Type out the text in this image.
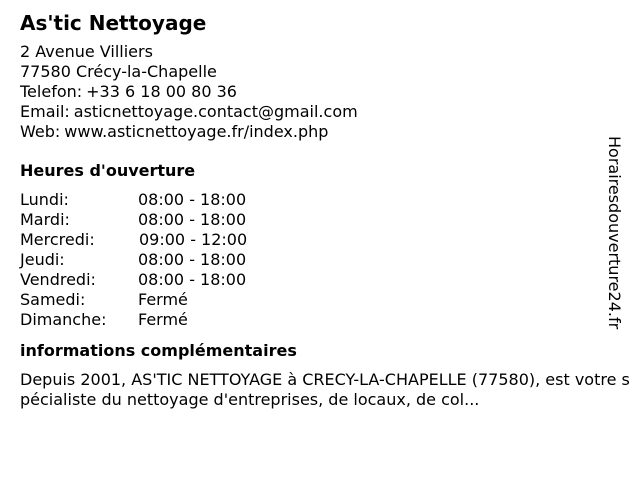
As'tic Nettoyage
2 Avenue Villiers
77580 Crécy-la-Chapelle
Telefon: +33 6 18 00 80 36
Email: asticnettoyage.contact@gmail.com
Web: www.asticnettoyage.fr/index.php
Heures d'ouverture
Lundi:	08:00 - 18:00
Mardi:	08:00 - 18:00
Mercredi:	09:00 - 12:00
Jeudi:	08:00 - 18:00
Vendredi:	08:00 - 18:00
Samedi:	Fermé
Dimanche:	Fermé
informations complémentaires
Depuis 2001, AS'TIC NETTOYAGE à CRECY-LA-CHAPELLE (77580), est votre spécialiste du nettoyage d'entreprises, de locaux, de col...
Horairesdouverture24.fr
